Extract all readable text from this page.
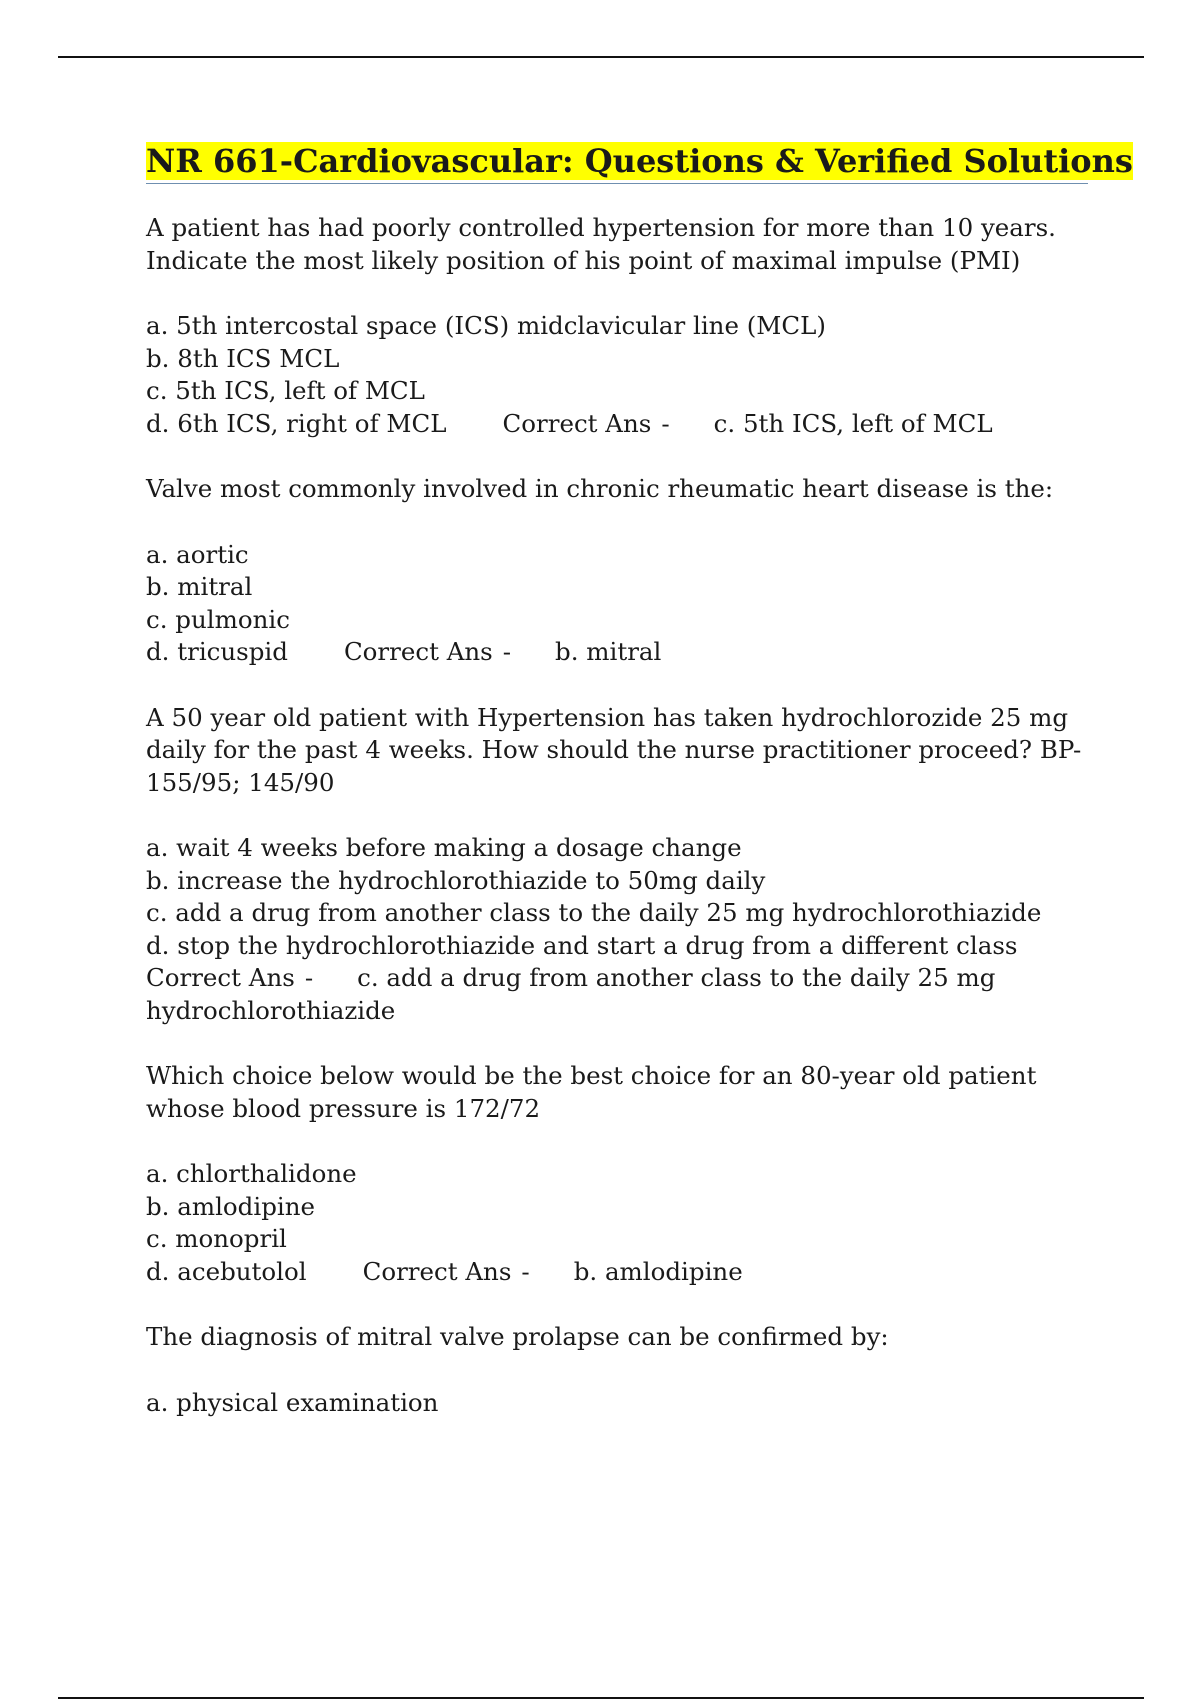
NR 661-Cardiovascular: Questions & Verified Solutions

A patient has had poorly controlled hypertension for more than 10 years. Indicate the most likely position of his point of maximal impulse (PMI)

a. 5th intercostal space (ICS) midclavicular line (MCL)
b. 8th ICS MCL
c. 5th ICS, left of MCL
d. 6th ICS, right of MCL Correct Ans - c. 5th ICS, left of MCL

Valve most commonly involved in chronic rheumatic heart disease is the:

a. aortic
b. mitral
c. pulmonic
d. tricuspid Correct Ans - b. mitral

A 50 year old patient with Hypertension has taken hydrochlorozide 25 mg daily for the past 4 weeks. How should the nurse practitioner proceed? BP- 155/95; 145/90

a. wait 4 weeks before making a dosage change
b. increase the hydrochlorothiazide to 50mg daily
c. add a drug from another class to the daily 25 mg hydrochlorothiazide
d. stop the hydrochlorothiazide and start a drug from a different class
Correct Ans - c. add a drug from another class to the daily 25 mg hydrochlorothiazide

Which choice below would be the best choice for an 80-year old patient whose blood pressure is 172/72

a. chlorthalidone
b. amlodipine
c. monopril
d. acebutolol Correct Ans - b. amlodipine

The diagnosis of mitral valve prolapse can be confirmed by:

a. physical examination
